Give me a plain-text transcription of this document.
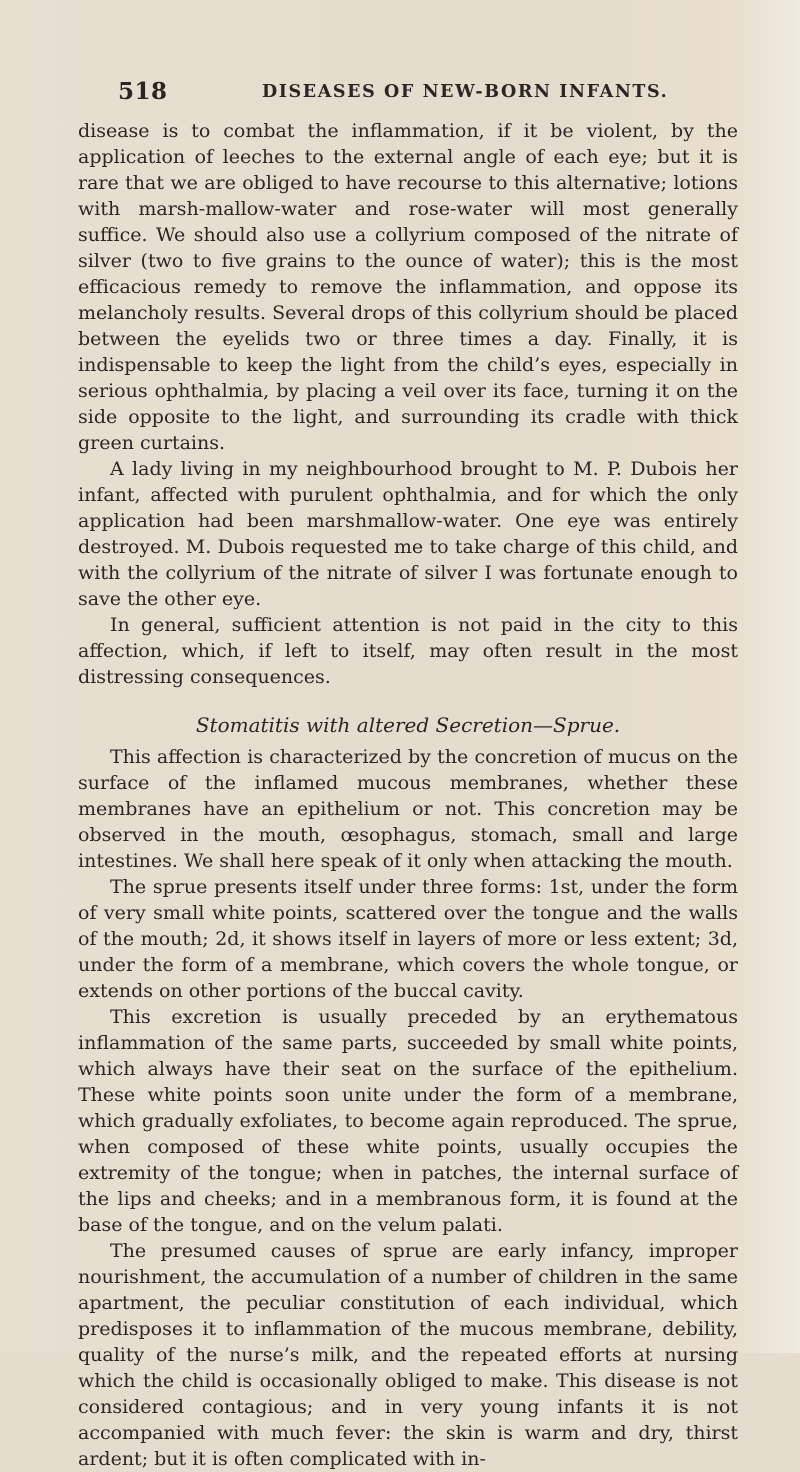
518	DISEASES OF NEW-BORN INFANTS.

disease is to combat the inflammation, if it be violent, by the application of leeches to the external angle of each eye; but it is rare that we are obliged to have recourse to this alternative; lotions with marsh-mallow-water and rose-water will most generally suffice. We should also use a collyrium composed of the nitrate of silver (two to five grains to the ounce of water); this is the most efficacious remedy to remove the inflammation, and oppose its melancholy results. Several drops of this collyrium should be placed between the eyelids two or three times a day. Finally, it is indispensable to keep the light from the child’s eyes, especially in serious ophthalmia, by placing a veil over its face, turning it on the side opposite to the light, and surrounding its cradle with thick green curtains.

A lady living in my neighbourhood brought to M. P. Dubois her infant, affected with purulent ophthalmia, and for which the only application had been marshmallow-water. One eye was entirely destroyed. M. Dubois requested me to take charge of this child, and with the collyrium of the nitrate of silver I was fortunate enough to save the other eye.

In general, sufficient attention is not paid in the city to this affection, which, if left to itself, may often result in the most distressing consequences.

Stomatitis with altered Secretion—Sprue.

This affection is characterized by the concretion of mucus on the surface of the inflamed mucous membranes, whether these membranes have an epithelium or not. This concretion may be observed in the mouth, œsophagus, stomach, small and large intestines. We shall here speak of it only when attacking the mouth.

The sprue presents itself under three forms: 1st, under the form of very small white points, scattered over the tongue and the walls of the mouth; 2d, it shows itself in layers of more or less extent; 3d, under the form of a membrane, which covers the whole tongue, or extends on other portions of the buccal cavity.

This excretion is usually preceded by an erythematous inflammation of the same parts, succeeded by small white points, which always have their seat on the surface of the epithelium. These white points soon unite under the form of a membrane, which gradually exfoliates, to become again reproduced. The sprue, when composed of these white points, usually occupies the extremity of the tongue; when in patches, the internal surface of the lips and cheeks; and in a membranous form, it is found at the base of the tongue, and on the velum palati.

The presumed causes of sprue are early infancy, improper nourishment, the accumulation of a number of children in the same apartment, the peculiar constitution of each individual, which predisposes it to inflammation of the mucous membrane, debility, quality of the nurse’s milk, and the repeated efforts at nursing which the child is occasionally obliged to make. This disease is not considered contagious; and in very young infants it is not accompanied with much fever: the skin is warm and dry, thirst ardent; but it is often complicated with in-
